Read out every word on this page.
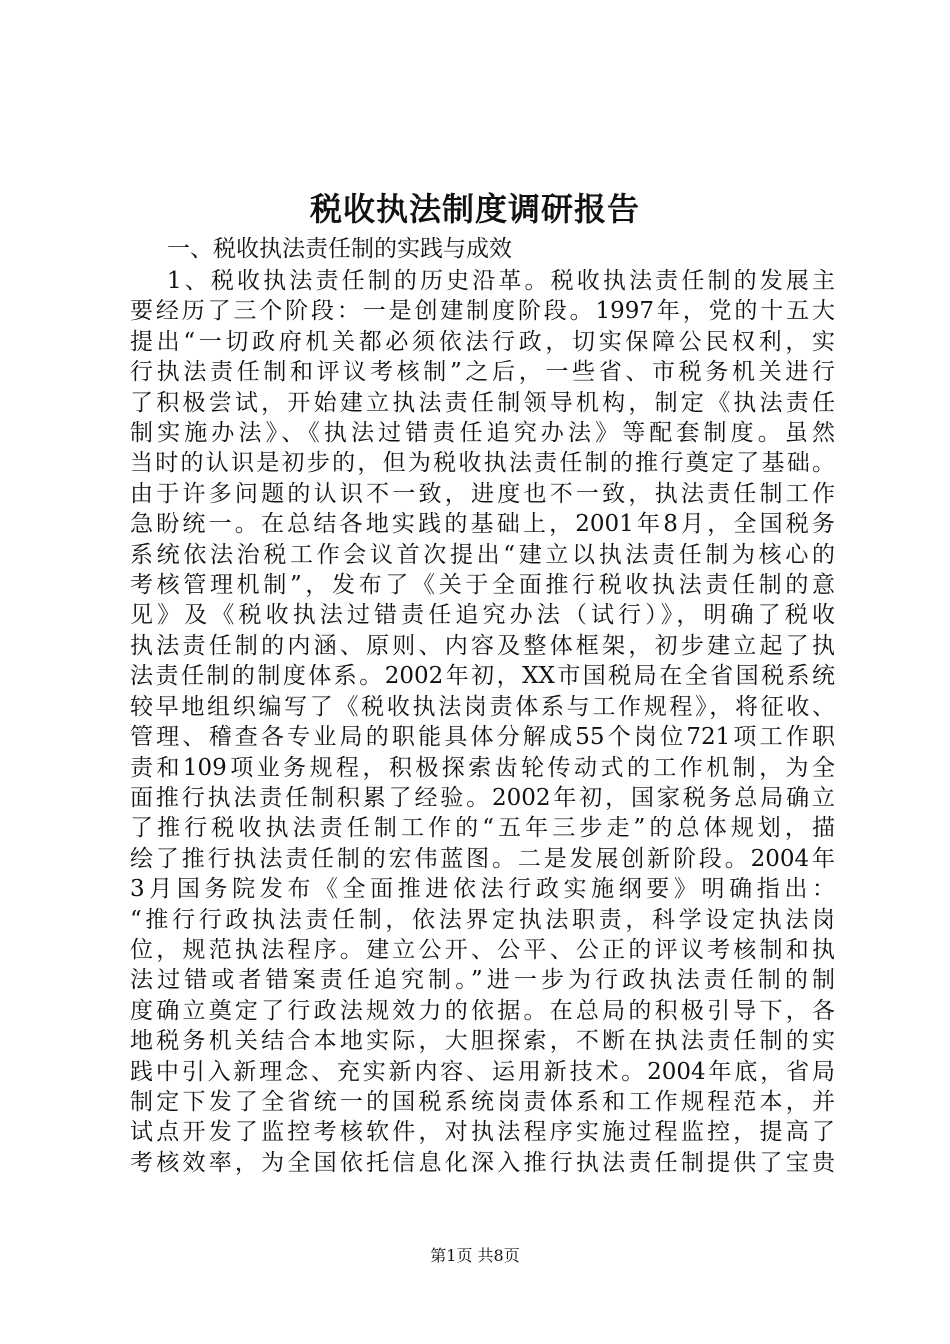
税收执法制度调研报告

一、税收执法责任制的实践与成效

1、税收执法责任制的历史沿革。税收执法责任制的发展主
要经历了三个阶段：一是创建制度阶段。1997年，党的十五大
提出“一切政府机关都必须依法行政，切实保障公民权利，实
行执法责任制和评议考核制”之后，一些省、市税务机关进行
了积极尝试，开始建立执法责任制领导机构，制定《执法责任
制实施办法》、《执法过错责任追究办法》等配套制度。虽然
当时的认识是初步的，但为税收执法责任制的推行奠定了基础。
由于许多问题的认识不一致，进度也不一致，执法责任制工作
急盼统一。在总结各地实践的基础上，2001年8月，全国税务
系统依法治税工作会议首次提出“建立以执法责任制为核心的
考核管理机制”，发布了《关于全面推行税收执法责任制的意
见》及《税收执法过错责任追究办法（试行）》，明确了税收
执法责任制的内涵、原则、内容及整体框架，初步建立起了执
法责任制的制度体系。2002年初，XX市国税局在全省国税系统
较早地组织编写了《税收执法岗责体系与工作规程》，将征收、
管理、稽查各专业局的职能具体分解成55个岗位721项工作职
责和109项业务规程，积极探索齿轮传动式的工作机制，为全
面推行执法责任制积累了经验。2002年初，国家税务总局确立
了推行税收执法责任制工作的“五年三步走”的总体规划，描
绘了推行执法责任制的宏伟蓝图。二是发展创新阶段。2004年
3月国务院发布《全面推进依法行政实施纲要》明确指出：
“推行行政执法责任制，依法界定执法职责，科学设定执法岗
位，规范执法程序。建立公开、公平、公正的评议考核制和执
法过错或者错案责任追究制。”进一步为行政执法责任制的制
度确立奠定了行政法规效力的依据。在总局的积极引导下，各
地税务机关结合本地实际，大胆探索，不断在执法责任制的实
践中引入新理念、充实新内容、运用新技术。2004年底，省局
制定下发了全省统一的国税系统岗责体系和工作规程范本，并
试点开发了监控考核软件，对执法程序实施过程监控，提高了
考核效率，为全国依托信息化深入推行执法责任制提供了宝贵

第1页 共8页
